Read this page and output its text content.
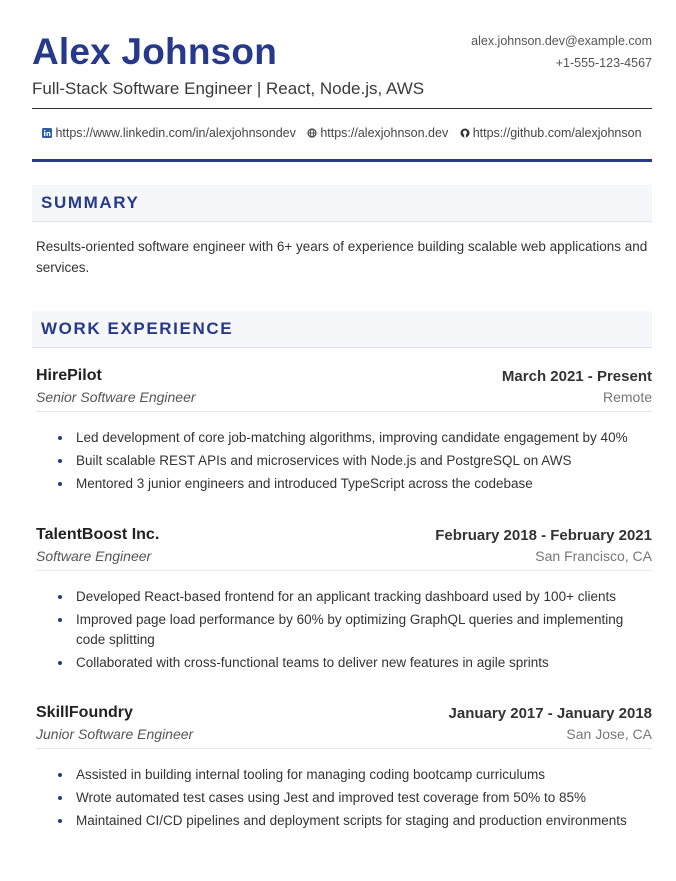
Alex Johnson
Full-Stack Software Engineer | React, Node.js, AWS
alex.johnson.dev@example.com
+1-555-123-4567
https://www.linkedin.com/in/alexjohnsondev
https://alexjohnson.dev
https://github.com/alexjohnson
SUMMARY
Results-oriented software engineer with 6+ years of experience building scalable web applications and services.
WORK EXPERIENCE
HirePilot	March 2021 - Present
Senior Software Engineer	Remote
Led development of core job-matching algorithms, improving candidate engagement by 40%
Built scalable REST APIs and microservices with Node.js and PostgreSQL on AWS
Mentored 3 junior engineers and introduced TypeScript across the codebase
TalentBoost Inc.	February 2018 - February 2021
Software Engineer	San Francisco, CA
Developed React-based frontend for an applicant tracking dashboard used by 100+ clients
Improved page load performance by 60% by optimizing GraphQL queries and implementing code splitting
Collaborated with cross-functional teams to deliver new features in agile sprints
SkillFoundry	January 2017 - January 2018
Junior Software Engineer	San Jose, CA
Assisted in building internal tooling for managing coding bootcamp curriculums
Wrote automated test cases using Jest and improved test coverage from 50% to 85%
Maintained CI/CD pipelines and deployment scripts for staging and production environments
